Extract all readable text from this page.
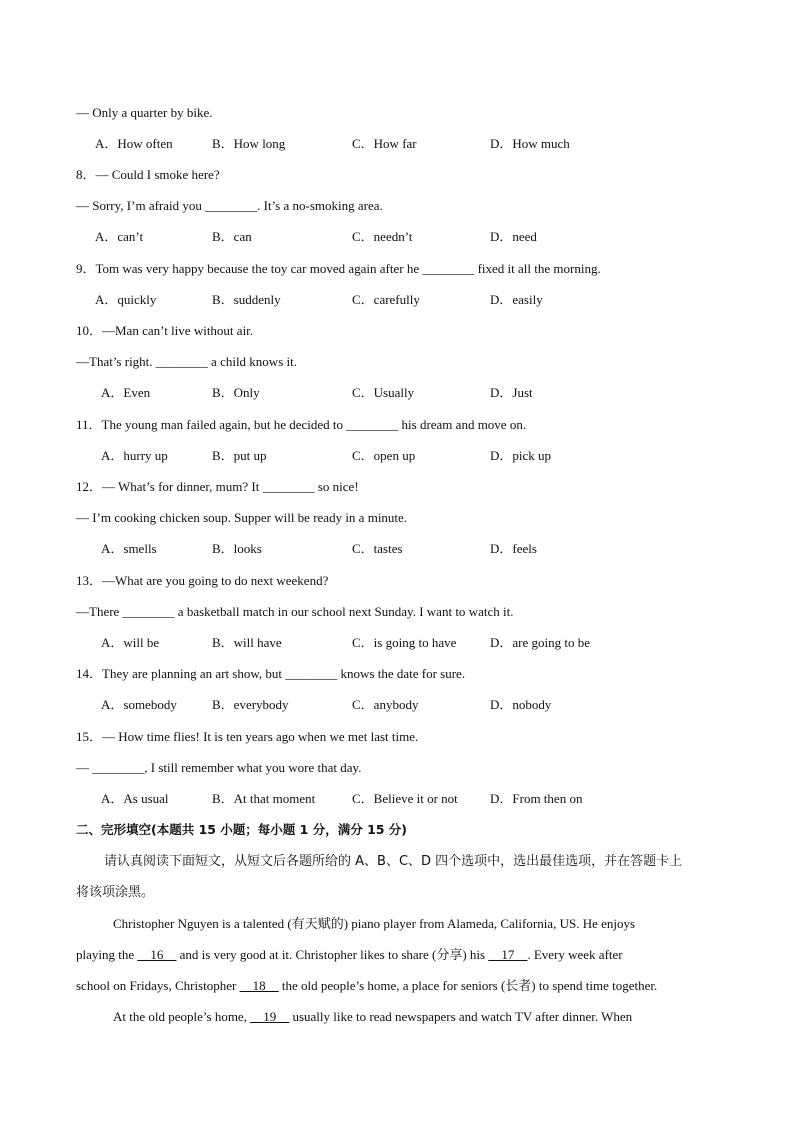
— Only a quarter by bike.
A．How often	B．How long	C．How far	D．How much
8．— Could I smoke here?
— Sorry, I’m afraid you ________. It’s a no-smoking area.
A．can’t	B．can	C．needn’t	D．need
9．Tom was very happy because the toy car moved again after he ________ fixed it all the morning.
A．quickly	B．suddenly	C．carefully	D．easily
10．—Man can’t live without air.
—That’s right. ________ a child knows it.
A．Even	B．Only	C．Usually	D．Just
11．The young man failed again, but he decided to ________ his dream and move on.
A．hurry up	B．put up	C．open up	D．pick up
12．— What’s for dinner, mum? It ________ so nice!
— I’m cooking chicken soup. Supper will be ready in a minute.
A．smells	B．looks	C．tastes	D．feels
13．—What are you going to do next weekend?
—There ________ a basketball match in our school next Sunday. I want to watch it.
A．will be	B．will have	C．is going to have	D．are going to be
14．They are planning an art show, but ________ knows the date for sure.
A．somebody	B．everybody	C．anybody	D．nobody
15．— How time flies! It is ten years ago when we met last time.
— ________, I still remember what you wore that day.
A．As usual	B．At that moment	C．Believe it or not D．From then on
二、完形填空(本题共 15 小题；每小题 1 分，满分 15 分)
请认真阅读下面短文，从短文后各题所给的 A、B、C、D 四个选项中，选出最佳选项，并在答题卡上
将该项涂黑。
Christopher Nguyen is a talented (有天赋的) piano player from Alameda, California, US. He enjoys
playing the __16__ and is very good at it. Christopher likes to share (分享) his __17__. Every week after
school on Fridays, Christopher __18__ the old people’s home, a place for seniors (长者) to spend time together.
At the old people’s home, __19__ usually like to read newspapers and watch TV after dinner. When
